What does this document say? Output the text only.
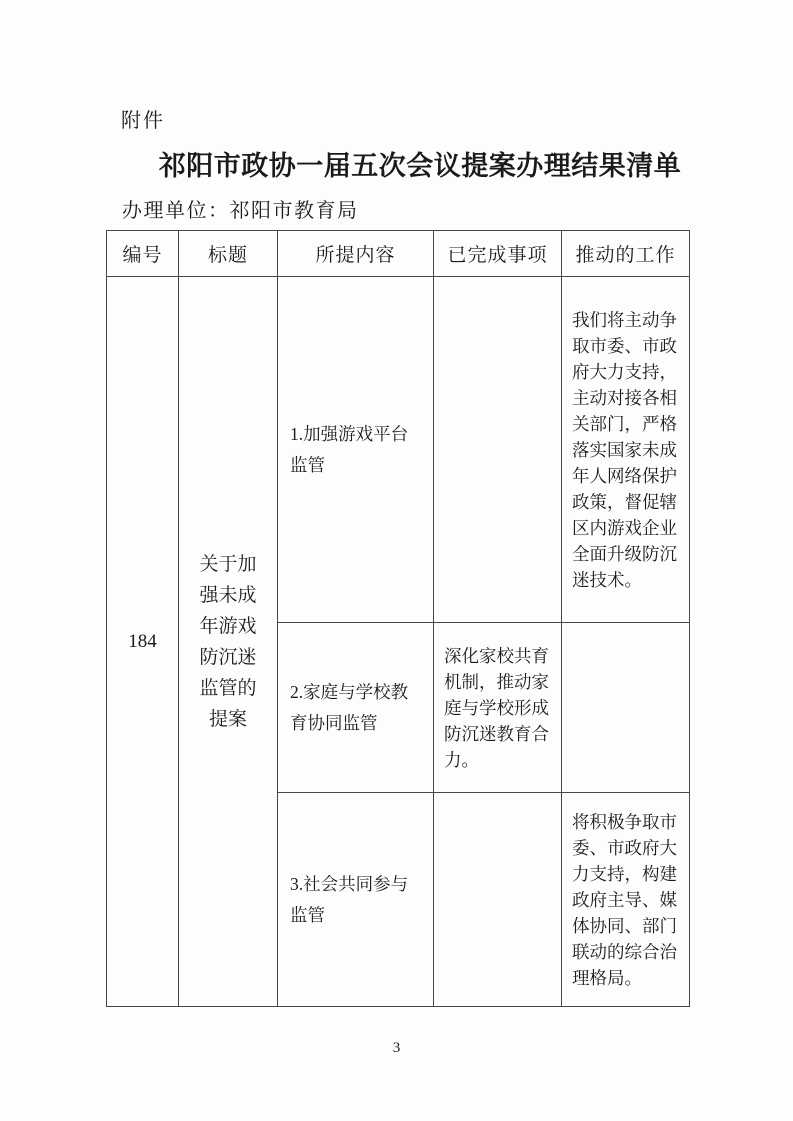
附件
祁阳市政协一届五次会议提案办理结果清单
办理单位：祁阳市教育局
编号	标题	所提内容	已完成事项	推动的工作
184	关于加强未成年游戏防沉迷监管的提案	1.加强游戏平台监管		我们将主动争取市委、市政府大力支持，主动对接各相关部门，严格落实国家未成年人网络保护政策，督促辖区内游戏企业全面升级防沉迷技术。
		2.家庭与学校教育协同监管	深化家校共育机制，推动家庭与学校形成防沉迷教育合力。	
		3.社会共同参与监管		将积极争取市委、市政府大力支持，构建政府主导、媒体协同、部门联动的综合治理格局。
3
